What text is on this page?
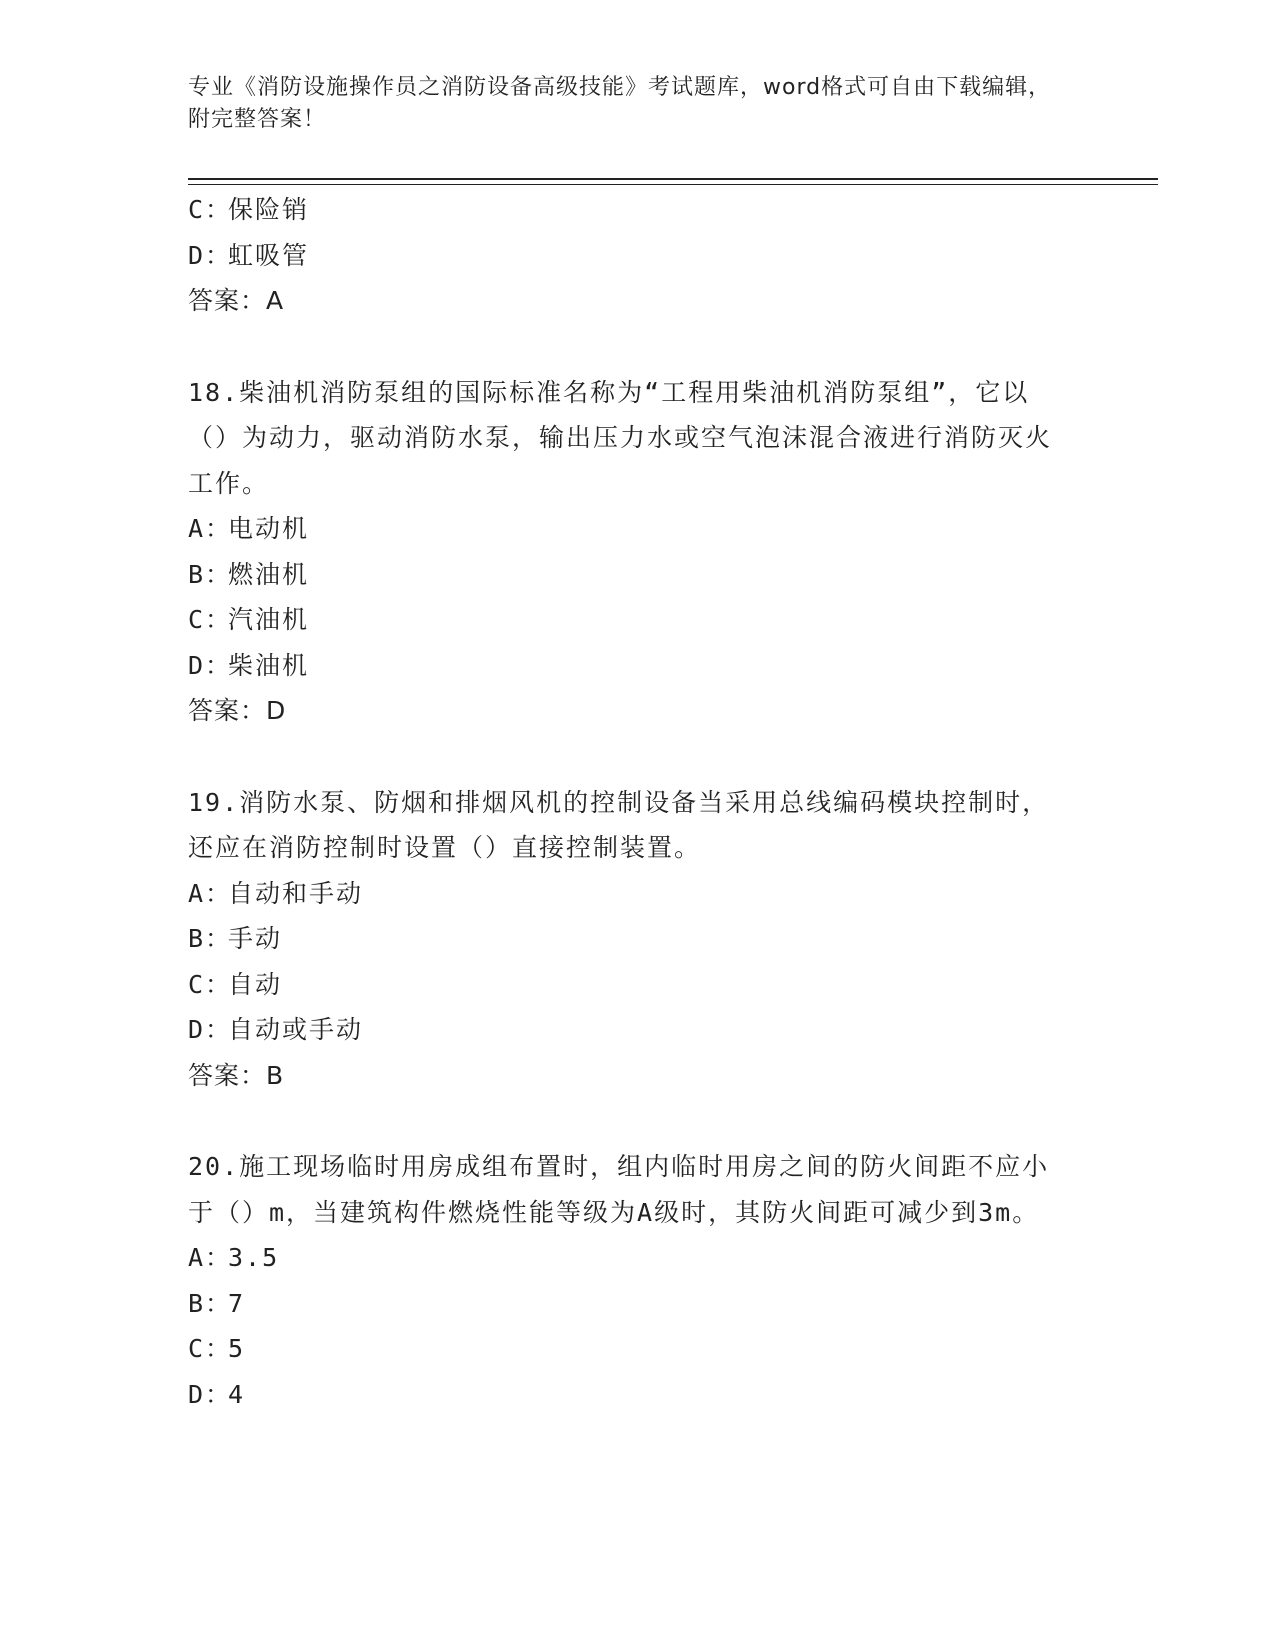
专业《消防设施操作员之消防设备高级技能》考试题库，word格式可自由下载编辑，附完整答案！
C：保险销
D：虹吸管
答案：A
18.柴油机消防泵组的国际标准名称为“工程用柴油机消防泵组”，它以（）为动力，驱动消防水泵，输出压力水或空气泡沫混合液进行消防灭火工作。
A：电动机
B：燃油机
C：汽油机
D：柴油机
答案：D
19.消防水泵、防烟和排烟风机的控制设备当采用总线编码模块控制时，还应在消防控制时设置（）直接控制装置。
A：自动和手动
B：手动
C：自动
D：自动或手动
答案：B
20.施工现场临时用房成组布置时，组内临时用房之间的防火间距不应小于（）m，当建筑构件燃烧性能等级为A级时，其防火间距可减少到3m。
A：3.5
B：7
C：5
D：4
